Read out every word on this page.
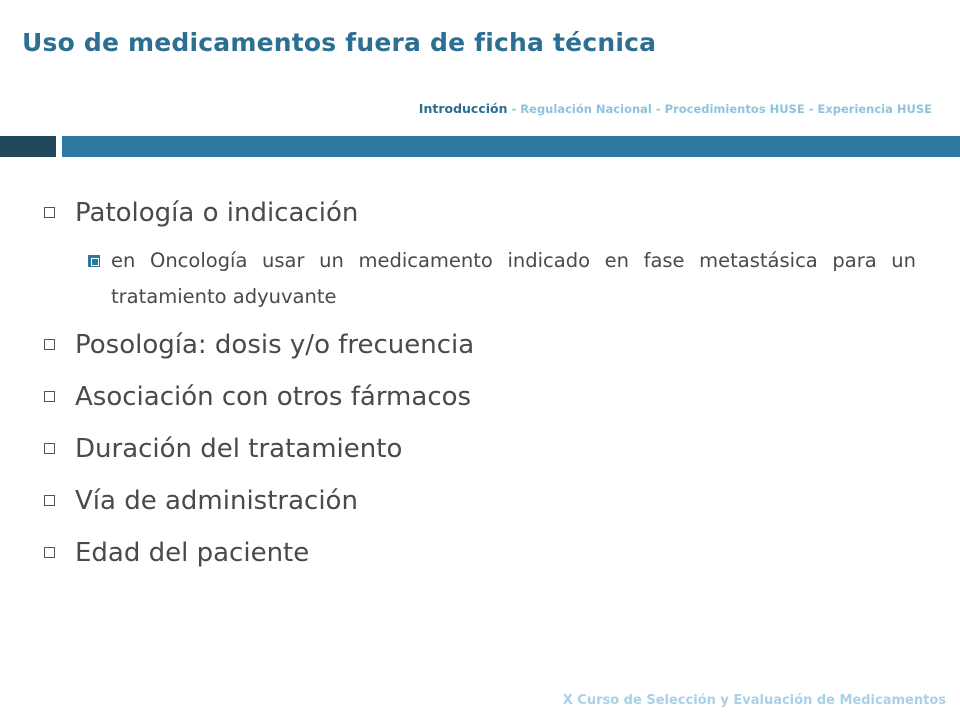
Uso de medicamentos fuera de ficha técnica
Introducción - Regulación Nacional - Procedimientos HUSE - Experiencia HUSE
Patología o indicación
en Oncología usar un medicamento indicado en fase metastásica para un tratamiento adyuvante
Posología: dosis y/o frecuencia
Asociación con otros fármacos
Duración del tratamiento
Vía de administración
Edad del paciente
X Curso de Selección y Evaluación de Medicamentos
